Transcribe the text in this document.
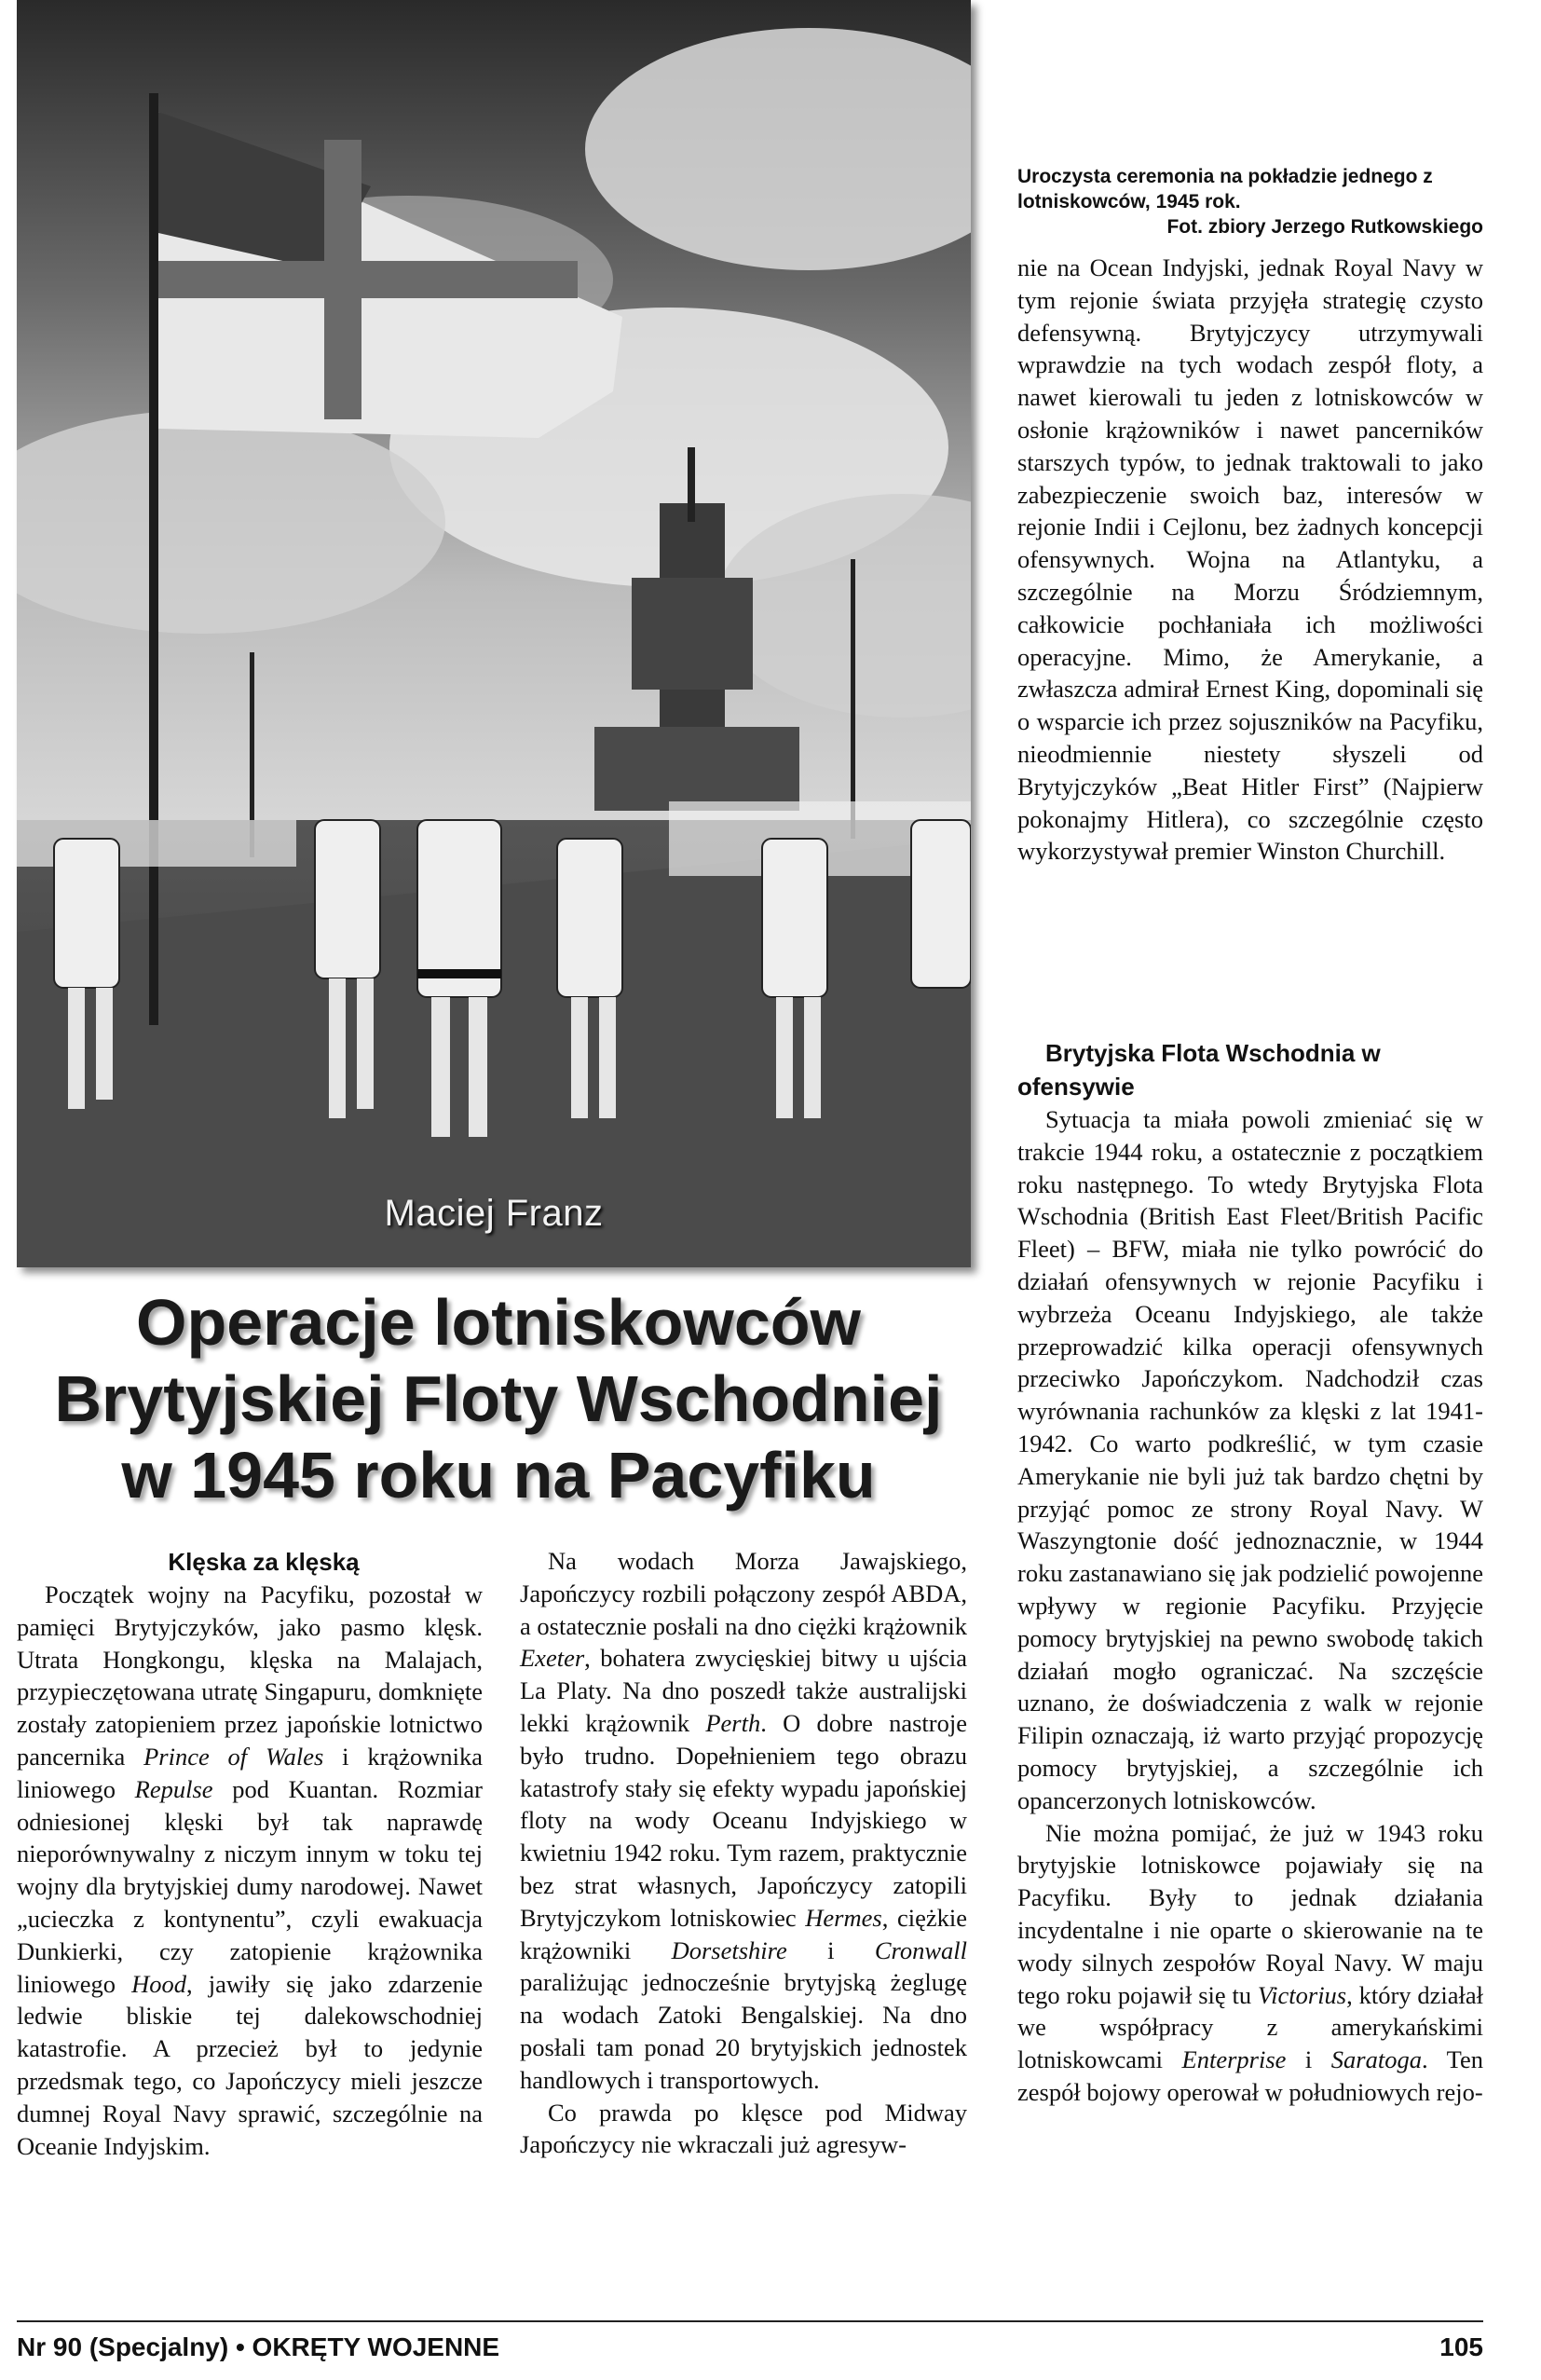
Maciej Franz
Uroczysta ceremonia na pokładzie jednego z lotniskowców, 1945 rok.
Fot. zbiory Jerzego Rutkowskiego
Operacje lotniskowców
Brytyjskiej Floty Wschodniej
w 1945 roku na Pacyfiku

Klęska za klęską

Początek wojny na Pacyfiku, pozostał w pamięci Brytyjczyków, jako pasmo klęsk. Utrata Hongkongu, klęska na Malajach, przypieczętowana utratę Singapuru, domknięte zostały zatopieniem przez japońskie lotnictwo pancernika Prince of Wales i krążownika liniowego Repulse pod Kuantan. Rozmiar odniesionej klęski był tak naprawdę nieporównywalny z niczym innym w toku tej wojny dla brytyjskiej dumy narodowej. Nawet „ucieczka z kontynentu”, czyli ewakuacja Dunkierki, czy zatopienie krążownika liniowego Hood, jawiły się jako zdarzenie ledwie bliskie tej dalekowschodniej katastrofie. A przecież był to jedynie przedsmak tego, co Japończycy mieli jeszcze dumnej Royal Navy sprawić, szczególnie na Oceanie Indyjskim.

Na wodach Morza Jawajskiego, Japończycy rozbili połączony zespół ABDA, a ostatecznie posłali na dno ciężki krążownik Exeter, bohatera zwycięskiej bitwy u ujścia La Platy. Na dno poszedł także australijski lekki krążownik Perth. O dobre nastroje było trudno. Dopełnieniem tego obrazu katastrofy stały się efekty wypadu japońskiej floty na wody Oceanu Indyjskiego w kwietniu 1942 roku. Tym razem, praktycznie bez strat własnych, Japończycy zatopili Brytyjczykom lotniskowiec Hermes, ciężkie krążowniki Dorsetshire i Cronwall paraliżując jednocześnie brytyjską żeglugę na wodach Zatoki Bengalskiej. Na dno posłali tam ponad 20 brytyjskich jednostek handlowych i transportowych.

Co prawda po klęsce pod Midway Japończycy nie wkraczali już agresyw-

nie na Ocean Indyjski, jednak Royal Navy w tym rejonie świata przyjęła strategię czysto defensywną. Brytyjczycy utrzymywali wprawdzie na tych wodach zespół floty, a nawet kierowali tu jeden z lotniskowców w osłonie krążowników i nawet pancerników starszych typów, to jednak traktowali to jako zabezpieczenie swoich baz, interesów w rejonie Indii i Cejlonu, bez żadnych koncepcji ofensywnych. Wojna na Atlantyku, a szczególnie na Morzu Śródziemnym, całkowicie pochłaniała ich możliwości operacyjne. Mimo, że Amerykanie, a zwłaszcza admirał Ernest King, dopominali się o wsparcie ich przez sojuszników na Pacyfiku, nieodmiennie niestety słyszeli od Brytyjczyków „Beat Hitler First” (Najpierw pokonajmy Hitlera), co szczególnie często wykorzystywał premier Winston Churchill.

Brytyjska Flota Wschodnia w ofensywie

Sytuacja ta miała powoli zmieniać się w trakcie 1944 roku, a ostatecznie z początkiem roku następnego. To wtedy Brytyjska Flota Wschodnia (British East Fleet/British Pacific Fleet) – BFW, miała nie tylko powrócić do działań ofensywnych w rejonie Pacyfiku i wybrzeża Oceanu Indyjskiego, ale także przeprowadzić kilka operacji ofensywnych przeciwko Japończykom. Nadchodził czas wyrównania rachunków za klęski z lat 1941-1942. Co warto podkreślić, w tym czasie Amerykanie nie byli już tak bardzo chętni by przyjąć pomoc ze strony Royal Navy. W Waszyngtonie dość jednoznacznie, w 1944 roku zastanawiano się jak podzielić powojenne wpływy w regionie Pacyfiku. Przyjęcie pomocy brytyjskiej na pewno swobodę takich działań mogło ograniczać. Na szczęście uznano, że doświadczenia z walk w rejonie Filipin oznaczają, iż warto przyjąć propozycję pomocy brytyjskiej, a szczególnie ich opancerzonych lotniskowców.

Nie można pomijać, że już w 1943 roku brytyjskie lotniskowce pojawiały się na Pacyfiku. Były to jednak działania incydentalne i nie oparte o skierowanie na te wody silnych zespołów Royal Navy. W maju tego roku pojawił się tu Victorius, który działał we współpracy z amerykańskimi lotniskowcami Enterprise i Saratoga. Ten zespół bojowy operował w południowych rejo-

Nr 90 (Specjalny) • OKRĘTY WOJENNE	105
